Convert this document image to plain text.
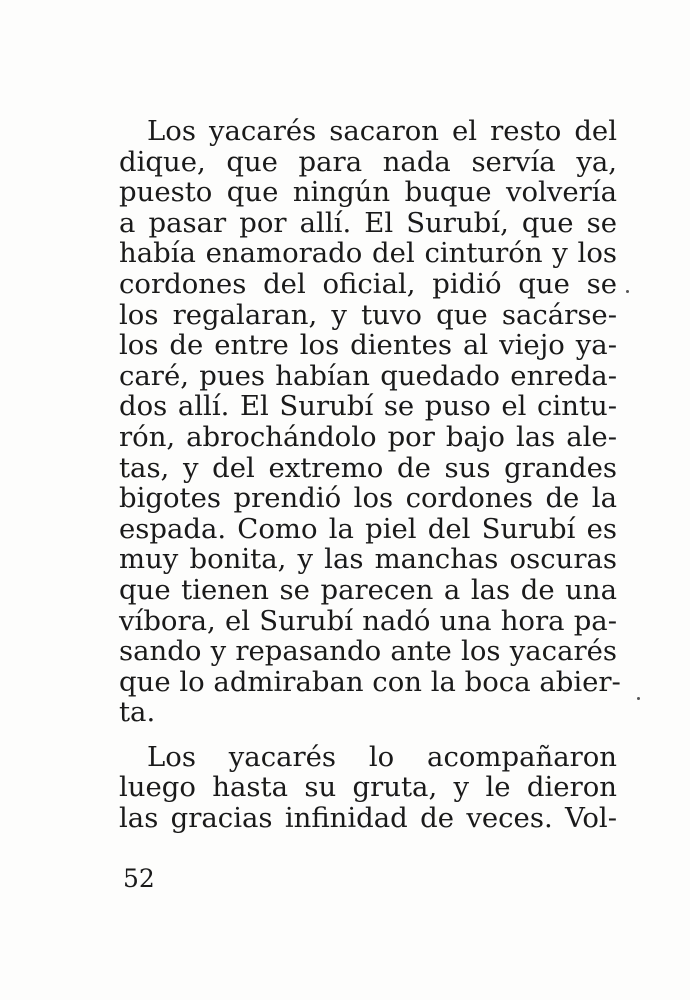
Los yacarés sacaron el resto del
dique, que para nada servía ya,
puesto que ningún buque volvería
a pasar por allí. El Surubí, que se
había enamorado del cinturón y los
cordones del oficial, pidió que se
los regalaran, y tuvo que sacárse-
los de entre los dientes al viejo ya-
caré, pues habían quedado enreda-
dos allí. El Surubí se puso el cintu-
rón, abrochándolo por bajo las ale-
tas, y del extremo de sus grandes
bigotes prendió los cordones de la
espada. Como la piel del Surubí es
muy bonita, y las manchas oscuras
que tienen se parecen a las de una
víbora, el Surubí nadó una hora pa-
sando y repasando ante los yacarés
que lo admiraban con la boca abier-
ta.
Los yacarés lo acompañaron
luego hasta su gruta, y le dieron
las gracias infinidad de veces. Vol-
52
